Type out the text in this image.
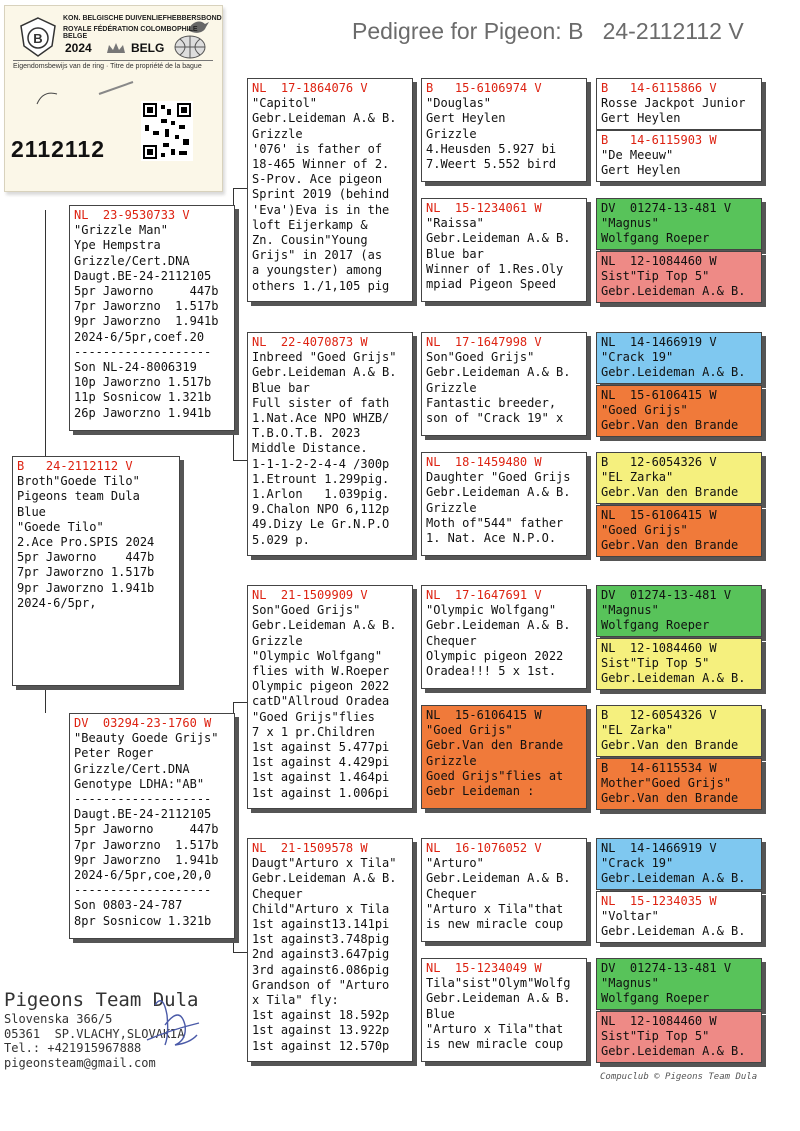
Pedigree for Pigeon: B   24-2112112 V
B
KON. BELGISCHE DUIVENLIEFHEBBERSBOND
ROYALE FÉDÉRATION COLOMBOPHILE BELGE
2024	BELG
Eigendomsbewijs van de ring · Titre de propriété de la bague
2112112
B   24-2112112 V
Broth"Goede Tilo"
Pigeons team Dula
Blue
"Goede Tilo"
2.Ace Pro.SPIS 2024
5pr Jaworno    447b
7pr Jaworzno 1.517b
9pr Jaworzno 1.941b
2024-6/5pr,
NL  23-9530733 V
"Grizzle Man"
Ype Hempstra
Grizzle/Cert.DNA
Daugt.BE-24-2112105
5pr Jaworno     447b
7pr Jaworzno  1.517b
9pr Jaworzno  1.941b
2024-6/5pr,coef.20
-------------------
Son NL-24-8006319
10p Jaworzno 1.517b
11p Sosnicow 1.321b
26p Jaworzno 1.941b
DV  03294-23-1760 W
"Beauty Goede Grijs"
Peter Roger
Grizzle/Cert.DNA
Genotype LDHA:"AB"
-------------------
Daugt.BE-24-2112105
5pr Jaworno     447b
7pr Jaworzno  1.517b
9pr Jaworzno  1.941b
2024-6/5pr,coe,20,0
-------------------
Son 0803-24-787
8pr Sosnicow 1.321b
NL  17-1864076 V
"Capitol"
Gebr.Leideman A.& B.
Grizzle
'076' is father of
18-465 Winner of 2.
S-Prov. Ace pigeon
Sprint 2019 (behind
'Eva')Eva is in the
loft Eijerkamp &
Zn. Cousin"Young
Grijs" in 2017 (as
a youngster) among
others 1./1,105 pig
NL  22-4070873 W
Inbreed "Goed Grijs"
Gebr.Leideman A.& B.
Blue bar
Full sister of fath
1.Nat.Ace NPO WHZB/
T.B.O.T.B. 2023
Middle Distance.
1-1-1-2-2-4-4 /300p
1.Etrount 1.299pig.
1.Arlon   1.039pig.
9.Chalon NPO 6,112p
49.Dizy Le Gr.N.P.O
5.029 p.
NL  21-1509909 V
Son"Goed Grijs"
Gebr.Leideman A.& B.
Grizzle
"Olympic Wolfgang"
flies with W.Roeper
Olympic pigeon 2022
catD"Allroud Oradea
"Goed Grijs"flies
7 x 1 pr.Children
1st against 5.477pi
1st against 4.429pi
1st against 1.464pi
1st against 1.006pi
NL  21-1509578 W
Daugt"Arturo x Tila"
Gebr.Leideman A.& B.
Chequer
Child"Arturo x Tila
1st against13.141pi
1st against3.748pig
2nd against3.647pig
3rd against6.086pig
Grandson of "Arturo
x Tila" fly:
1st against 18.592p
1st against 13.922p
1st against 12.570p
B   15-6106974 V
"Douglas"
Gert Heylen
Grizzle
4.Heusden 5.927 bi
7.Weert 5.552 bird
NL  15-1234061 W
"Raissa"
Gebr.Leideman A.& B.
Blue bar
Winner of 1.Res.Oly
mpiad Pigeon Speed
NL  17-1647998 V
Son"Goed Grijs"
Gebr.Leideman A.& B.
Grizzle
Fantastic breeder,
son of "Crack 19" x
NL  18-1459480 W
Daughter "Goed Grijs
Gebr.Leideman A.& B.
Grizzle
Moth of"544" father
1. Nat. Ace N.P.O.
NL  17-1647691 V
"Olympic Wolfgang"
Gebr.Leideman A.& B.
Chequer
Olympic pigeon 2022
Oradea!!! 5 x 1st.
NL  15-6106415 W
"Goed Grijs"
Gebr.Van den Brande
Grizzle
Goed Grijs"flies at
Gebr Leideman :
NL  16-1076052 V
"Arturo"
Gebr.Leideman A.& B.
Chequer
"Arturo x Tila"that
is new miracle coup
NL  15-1234049 W
Tila"sist"Olym"Wolfg
Gebr.Leideman A.& B.
Blue
"Arturo x Tila"that
is new miracle coup
B   14-6115866 V
Rosse Jackpot Junior
Gert Heylen
B   14-6115903 W
"De Meeuw"
Gert Heylen
DV  01274-13-481 V
"Magnus"
Wolfgang Roeper
NL  12-1084460 W
Sist"Tip Top 5"
Gebr.Leideman A.& B.
NL  14-1466919 V
"Crack 19"
Gebr.Leideman A.& B.
NL  15-6106415 W
"Goed Grijs"
Gebr.Van den Brande
B   12-6054326 V
"EL Zarka"
Gebr.Van den Brande
NL  15-6106415 W
"Goed Grijs"
Gebr.Van den Brande
DV  01274-13-481 V
"Magnus"
Wolfgang Roeper
NL  12-1084460 W
Sist"Tip Top 5"
Gebr.Leideman A.& B.
B   12-6054326 V
"EL Zarka"
Gebr.Van den Brande
B   14-6115534 W
Mother"Goed Grijs"
Gebr.Van den Brande
NL  14-1466919 V
"Crack 19"
Gebr.Leideman A.& B.
NL  15-1234035 W
"Voltar"
Gebr.Leideman A.& B.
DV  01274-13-481 V
"Magnus"
Wolfgang Roeper
NL  12-1084460 W
Sist"Tip Top 5"
Gebr.Leideman A.& B.
Pigeons Team Dula
Slovenska 366/5
05361  SP.VLACHY,SLOVAKIA
Tel.: +421915967888
pigeonsteam@gmail.com
Compuclub © Pigeons Team Dula
